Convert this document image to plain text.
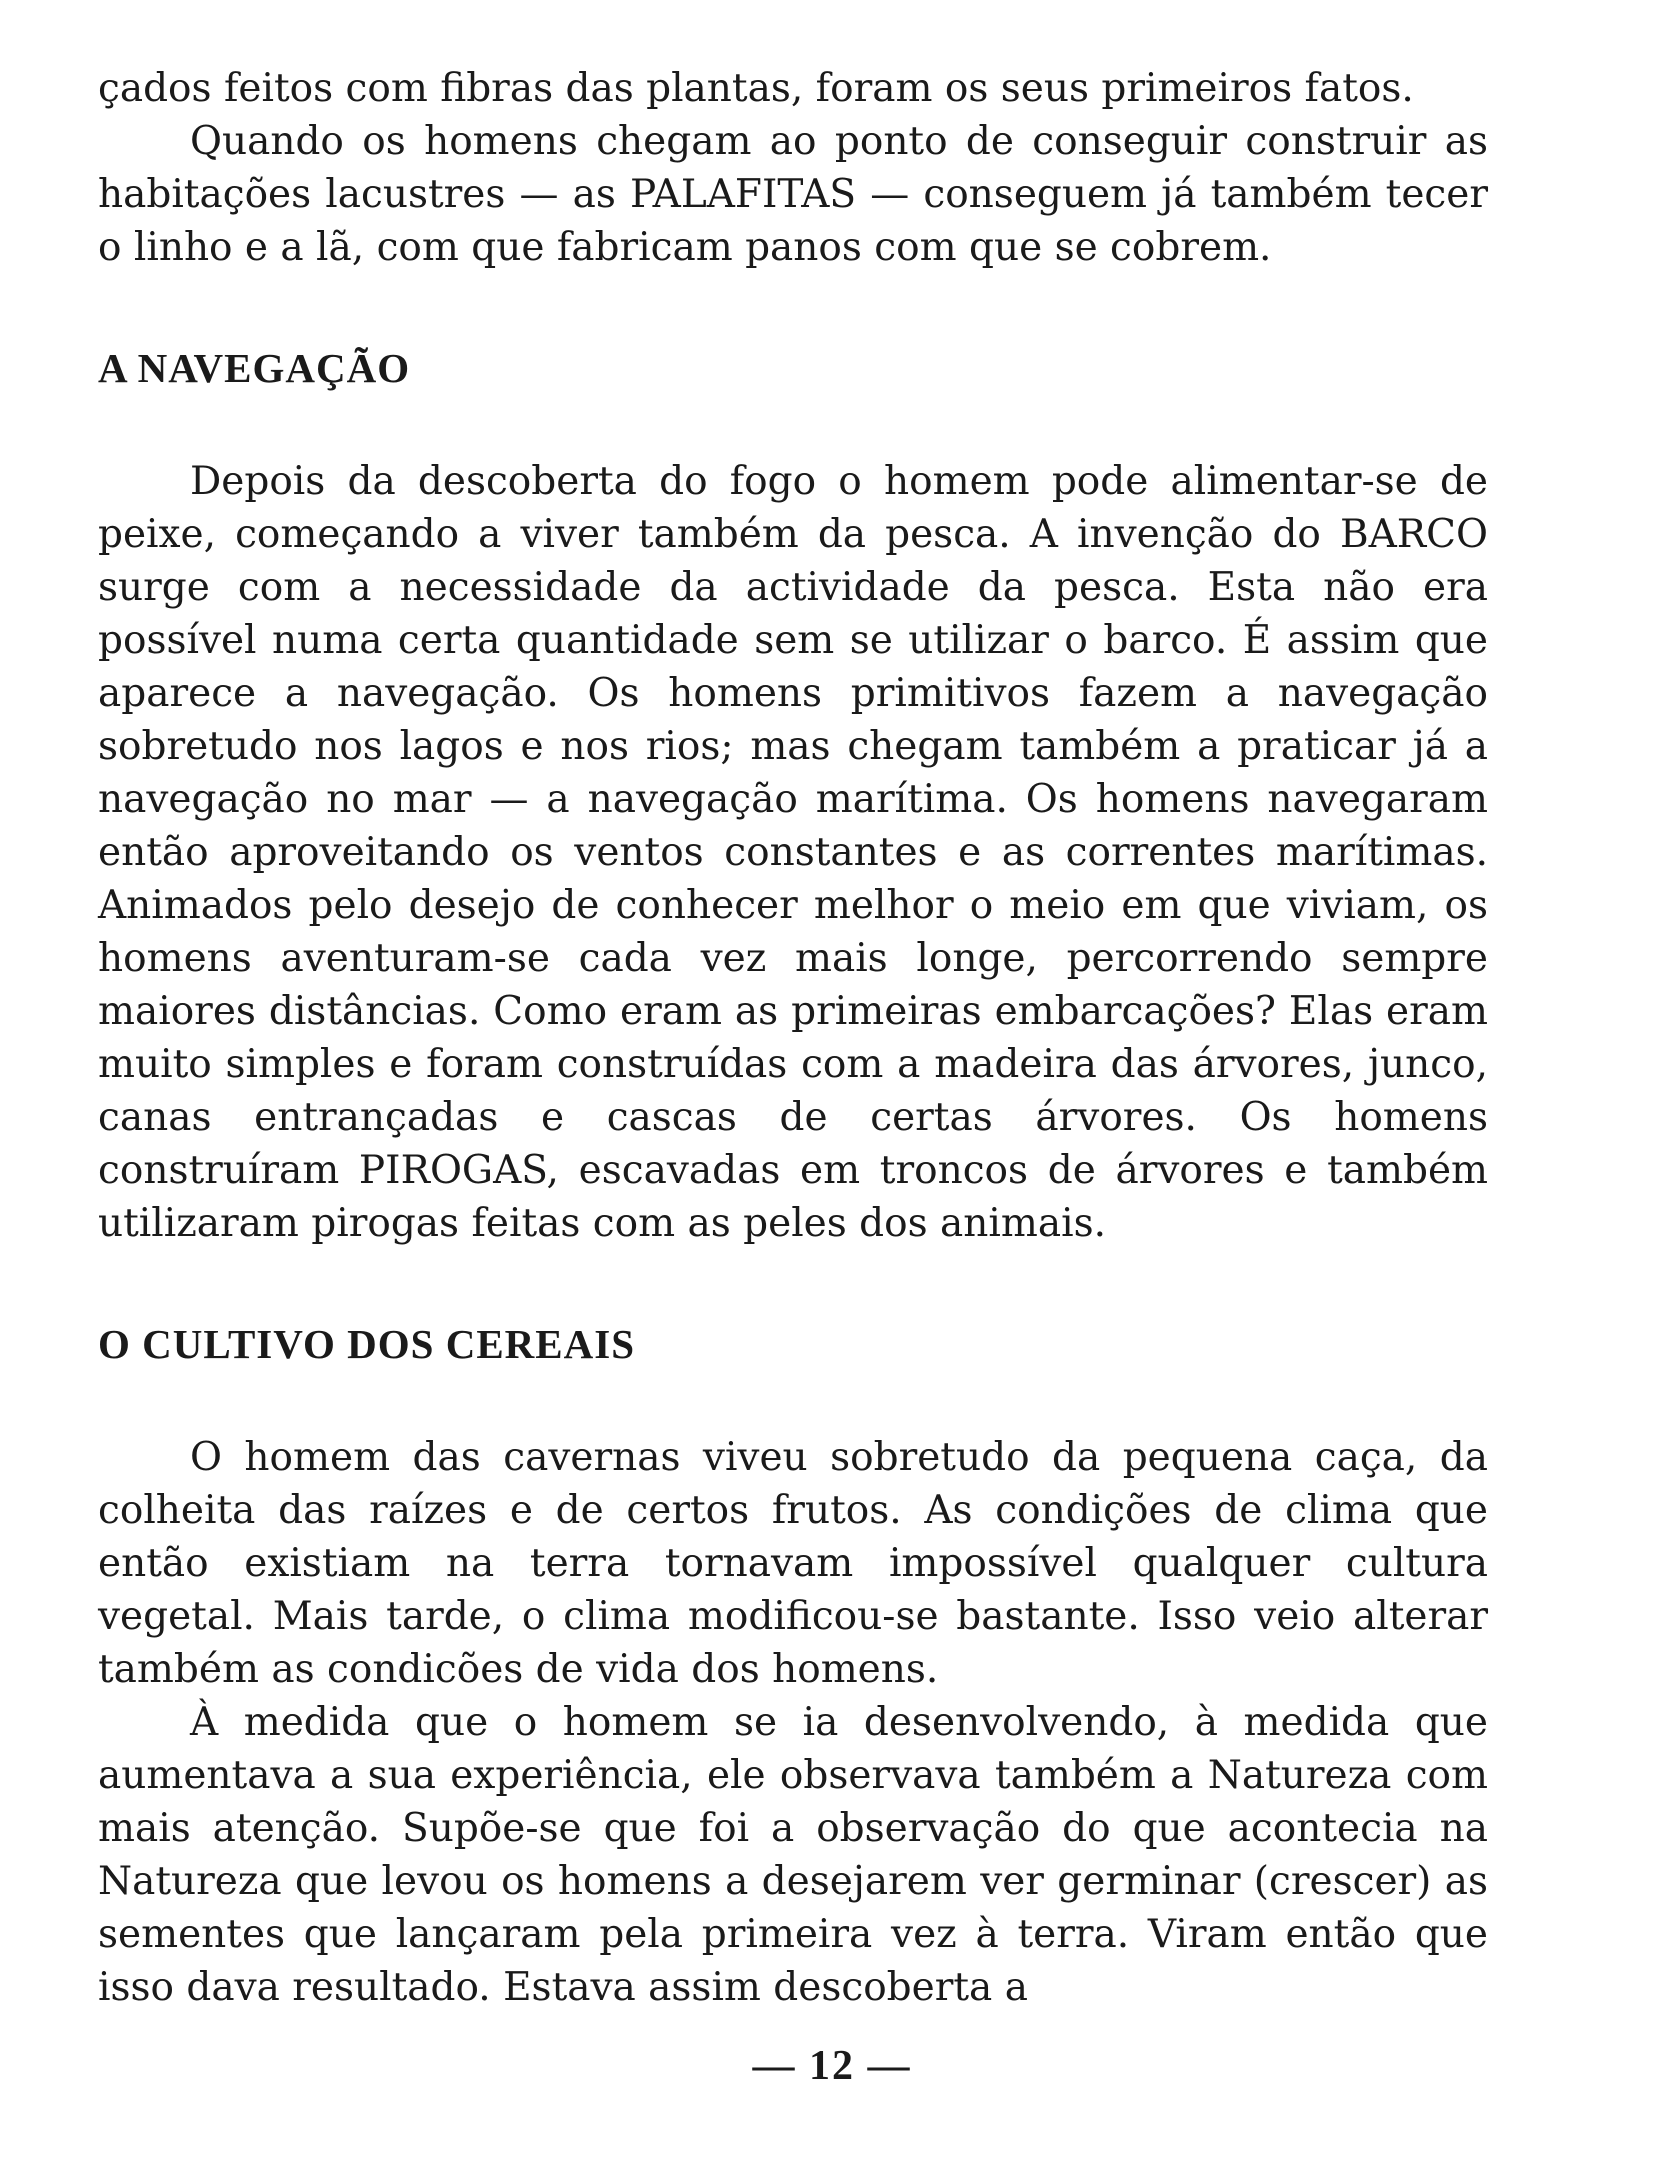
çados feitos com fibras das plantas, foram os seus primeiros fatos.

Quando os homens chegam ao ponto de conseguir construir as habitações lacustres — as PALAFITAS — conseguem já também tecer o linho e a lã, com que fabricam panos com que se cobrem.

A NAVEGAÇÃO

Depois da descoberta do fogo o homem pode alimentar-se de peixe, começando a viver também da pesca. A invenção do BARCO surge com a necessidade da actividade da pesca. Esta não era possível numa certa quantidade sem se utilizar o barco. É assim que aparece a navegação. Os homens primitivos fazem a navegação sobretudo nos lagos e nos rios; mas chegam também a praticar já a navegação no mar — a navegação marítima. Os homens navegaram então aproveitando os ventos constantes e as correntes marítimas. Animados pelo desejo de conhecer melhor o meio em que viviam, os homens aventuram-se cada vez mais longe, percorrendo sempre maiores distâncias. Como eram as primeiras embarcações? Elas eram muito simples e foram construídas com a madeira das árvores, junco, canas entrançadas e cascas de certas árvores. Os homens construíram PIROGAS, escavadas em troncos de árvores e também utilizaram pirogas feitas com as peles dos animais.

O CULTIVO DOS CEREAIS

O homem das cavernas viveu sobretudo da pequena caça, da colheita das raízes e de certos frutos. As condições de clima que então existiam na terra tornavam impossível qualquer cultura vegetal. Mais tarde, o clima modificou-se bastante. Isso veio alterar também as condicões de vida dos homens.

À medida que o homem se ia desenvolvendo, à medida que aumentava a sua experiência, ele observava também a Natureza com mais atenção. Supõe-se que foi a observação do que acontecia na Natureza que levou os homens a desejarem ver germinar (crescer) as sementes que lançaram pela primeira vez à terra. Viram então que isso dava resultado. Estava assim descoberta a

— 12 —
